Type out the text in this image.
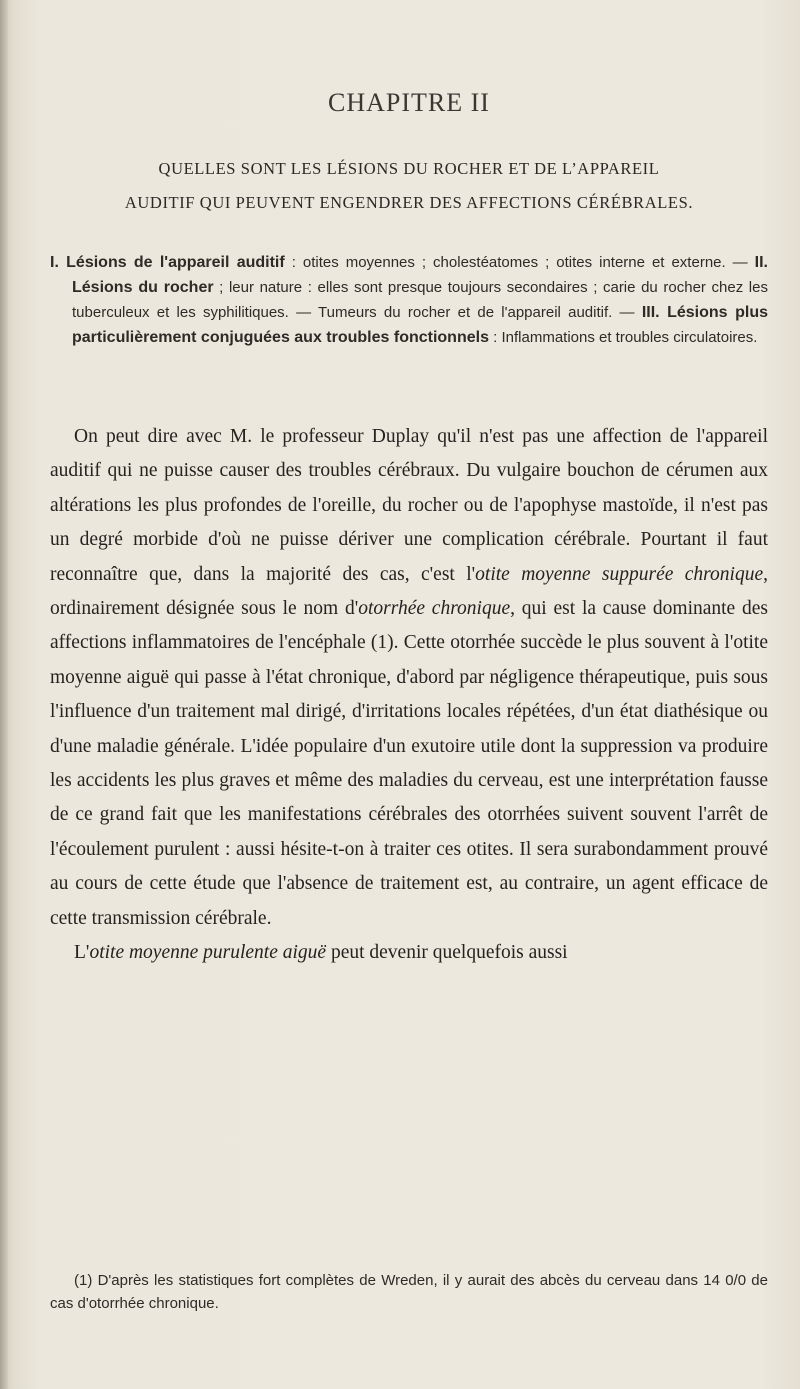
CHAPITRE II
QUELLES SONT LES LÉSIONS DU ROCHER ET DE L’APPAREIL
AUDITIF QUI PEUVENT ENGENDRER DES AFFECTIONS CÉRÉBRALES.

I. Lésions de l'appareil auditif : otites moyennes ; cholestéatomes ; otites interne et externe. — II. Lésions du rocher ; leur nature : elles sont presque toujours secondaires ; carie du rocher chez les tuberculeux et les syphilitiques. — Tumeurs du rocher et de l'appareil auditif. — III. Lésions plus particulièrement conjuguées aux troubles fonctionnels : Inflammations et troubles circulatoires.

On peut dire avec M. le professeur Duplay qu'il n'est pas une affection de l'appareil auditif qui ne puisse causer des troubles cérébraux. Du vulgaire bouchon de cérumen aux altérations les plus profondes de l'oreille, du rocher ou de l'apophyse mastoïde, il n'est pas un degré morbide d'où ne puisse dériver une complication cérébrale. Pourtant il faut reconnaître que, dans la majorité des cas, c'est l'otite moyenne suppurée chronique, ordinairement désignée sous le nom d'otorrhée chronique, qui est la cause dominante des affections inflammatoires de l'encéphale (1). Cette otorrhée succède le plus souvent à l'otite moyenne aiguë qui passe à l'état chronique, d'abord par négligence thérapeutique, puis sous l'influence d'un traitement mal dirigé, d'irritations locales répétées, d'un état diathésique ou d'une maladie générale. L'idée populaire d'un exutoire utile dont la suppression va produire les accidents les plus graves et même des maladies du cerveau, est une interprétation fausse de ce grand fait que les manifestations cérébrales des otorrhées suivent souvent l'arrêt de l'écoulement purulent : aussi hésite-t-on à traiter ces otites. Il sera surabondamment prouvé au cours de cette étude que l'absence de traitement est, au contraire, un agent efficace de cette transmission cérébrale.

L'otite moyenne purulente aiguë peut devenir quelquefois aussi

(1) D'après les statistiques fort complètes de Wreden, il y aurait des abcès du cerveau dans 14 0/0 de cas d'otorrhée chronique.
